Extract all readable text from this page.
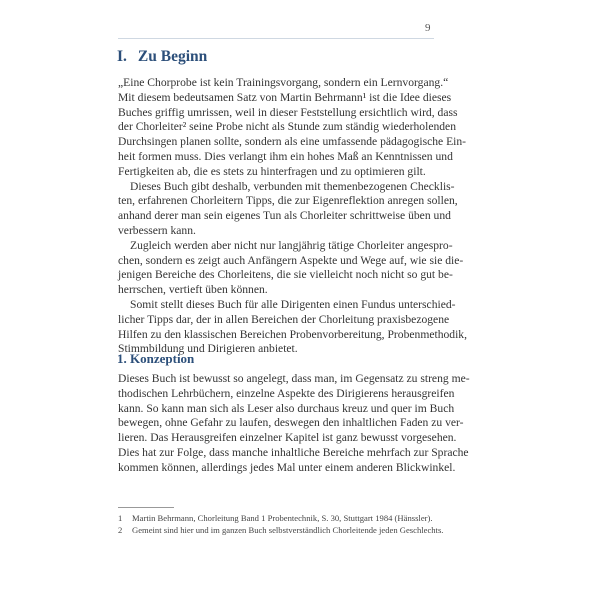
9
I. Zu Beginn

„Eine Chorprobe ist kein Trainingsvorgang, sondern ein Lernvorgang.“
Mit diesem bedeutsamen Satz von Martin Behrmann¹ ist die Idee dieses
Buches griffig umrissen, weil in dieser Feststellung ersichtlich wird, dass
der Chorleiter² seine Probe nicht als Stunde zum ständig wiederholenden
Durchsingen planen sollte, sondern als eine umfassende pädagogische Ein-
heit formen muss. Dies verlangt ihm ein hohes Maß an Kenntnissen und
Fertigkeiten ab, die es stets zu hinterfragen und zu optimieren gilt.

Dieses Buch gibt deshalb, verbunden mit themenbezogenen Checklis-
ten, erfahrenen Chorleitern Tipps, die zur Eigenreflektion anregen sollen,
anhand derer man sein eigenes Tun als Chorleiter schrittweise üben und
verbessern kann.

Zugleich werden aber nicht nur langjährig tätige Chorleiter angespro-
chen, sondern es zeigt auch Anfängern Aspekte und Wege auf, wie sie die-
jenigen Bereiche des Chorleitens, die sie vielleicht noch nicht so gut be-
herrschen, vertieft üben können.

Somit stellt dieses Buch für alle Dirigenten einen Fundus unterschied-
licher Tipps dar, der in allen Bereichen der Chorleitung praxisbezogene
Hilfen zu den klassischen Bereichen Probenvorbereitung, Probenmethodik,
Stimmbildung und Dirigieren anbietet.

1. Konzeption

Dieses Buch ist bewusst so angelegt, dass man, im Gegensatz zu streng me-
thodischen Lehrbüchern, einzelne Aspekte des Dirigierens herausgreifen
kann. So kann man sich als Leser also durchaus kreuz und quer im Buch
bewegen, ohne Gefahr zu laufen, deswegen den inhaltlichen Faden zu ver-
lieren. Das Herausgreifen einzelner Kapitel ist ganz bewusst vorgesehen.
Dies hat zur Folge, dass manche inhaltliche Bereiche mehrfach zur Sprache
kommen können, allerdings jedes Mal unter einem anderen Blickwinkel.

1	Martin Behrmann, Chorleitung Band 1 Probentechnik, S. 30, Stuttgart 1984 (Hänssler).
2	Gemeint sind hier und im ganzen Buch selbstverständlich Chorleitende jeden Geschlechts.
